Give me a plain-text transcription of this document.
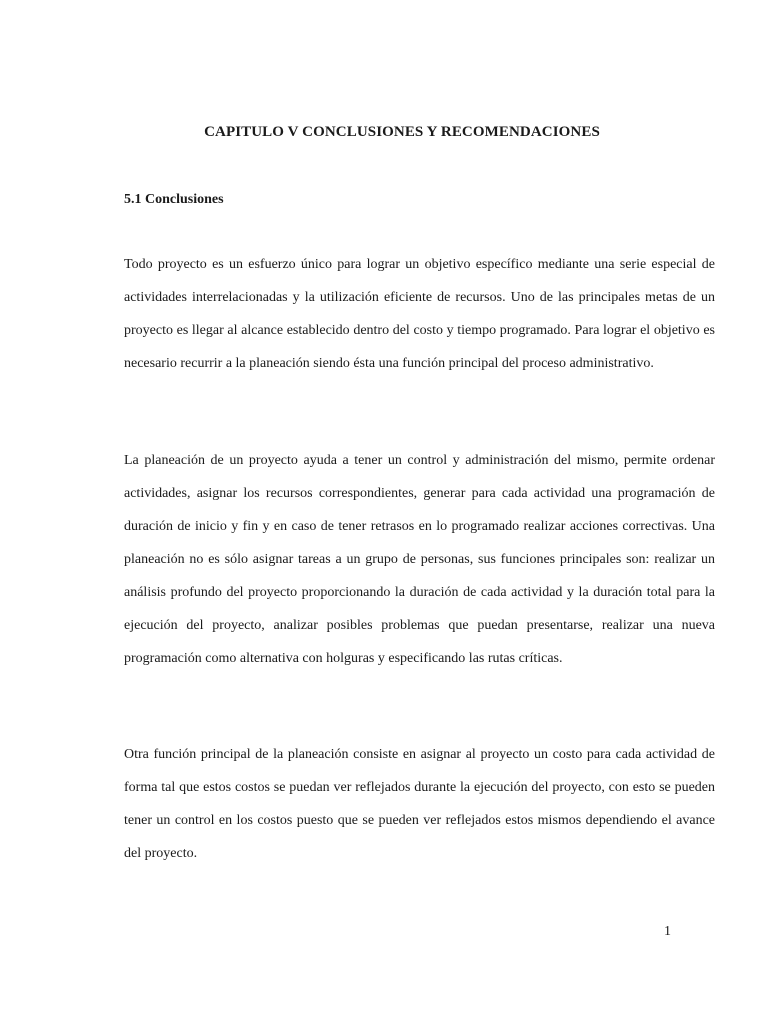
CAPITULO V CONCLUSIONES Y RECOMENDACIONES
5.1 Conclusiones

Todo proyecto es un esfuerzo único para lograr un objetivo específico mediante una serie especial de actividades interrelacionadas y la utilización eficiente de recursos. Uno de las principales metas de un proyecto es llegar al alcance establecido dentro del costo y tiempo programado. Para lograr el objetivo es necesario recurrir a la planeación siendo ésta una función principal del proceso administrativo.

La planeación de un proyecto ayuda a tener un control y administración del mismo, permite ordenar actividades, asignar los recursos correspondientes, generar para cada actividad una programación de duración de inicio y fin y en caso de tener retrasos en lo programado realizar acciones correctivas. Una planeación no es sólo asignar tareas a un grupo de personas, sus funciones principales son: realizar un análisis profundo del proyecto proporcionando la duración de cada actividad y la duración total para la ejecución del proyecto, analizar posibles problemas que puedan presentarse, realizar una nueva programación como alternativa con holguras y especificando las rutas críticas.

Otra función principal de la planeación consiste en asignar al proyecto un costo para cada actividad de forma tal que estos costos se puedan ver reflejados durante la ejecución del proyecto, con esto se pueden tener un control en los costos puesto que se pueden ver reflejados estos mismos dependiendo el avance del proyecto.

1
